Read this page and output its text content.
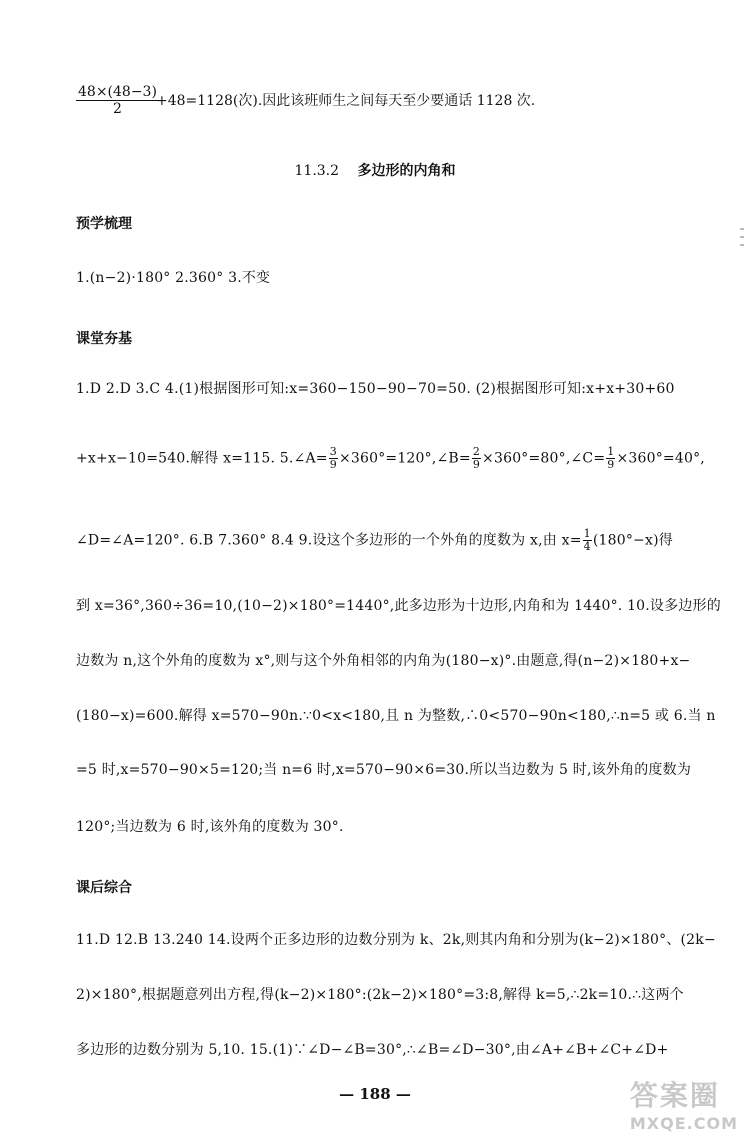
$\frac{48\times(48-3)}{2}$
+48=1128(次).因此该班师生之间每天至少要通话 1128 次.
11.3.2 多边形的内角和
预学梳理
1.(n−2)·180° 2.360° 3.不变
课堂夯基
1.D 2.D 3.C 4.(1)根据图形可知:x=360−150−90−70=50. (2)根据图形可知:x+x+30+60
+x+x−10=540.解得 x=115. 5.∠A= $\frac{3}{9}$ ×360°=120°,∠B= $\frac{2}{9}$ ×360°=80°,∠C= $\frac{1}{9} \times 360^\circ=40^\circ$,
∠D=∠A=120°. 6.B 7.360° 8.4 9.设这个多边形的一个外角的度数为 x,由 $x= \frac{1}{4} (180^\circ-x)$得
到 x=36°,360÷36=10,(10−2)×180°=1440°,此多边形为十边形,内角和为 1440°. 10.设多边形的
边数为 n,这个外角的度数为 x°,则与这个外角相邻的内角为(180−x)°.由题意,得(n−2)×180+x−
(180−x)=600.解得 x=570−90n.∵0<x<180,且 n 为整数,∴0<570−90n<180,∴n=5 或 6.当 n
=5 时,x=570−90×5=120;当 n=6 时,x=570−90×6=30.所以当边数为 5 时,该外角的度数为
120°;当边数为 6 时,该外角的度数为 30°.
课后综合
11.D 12.B 13.240 14.设两个正多边形的边数分别为 k、2k,则其内角和分别为(k−2)×180°、(2k−
2)×180°,根据题意列出方程,得(k−2)×180°:(2k−2)×180°=3:8,解得 k=5,∴2k=10.∴这两个
多边形的边数分别为 5,10. 15.(1)∵∠D−∠B=30°,∴∠B=∠D−30°,由∠A+∠B+∠C+∠D+
— 188 —	答案圈
MXQE.COM
